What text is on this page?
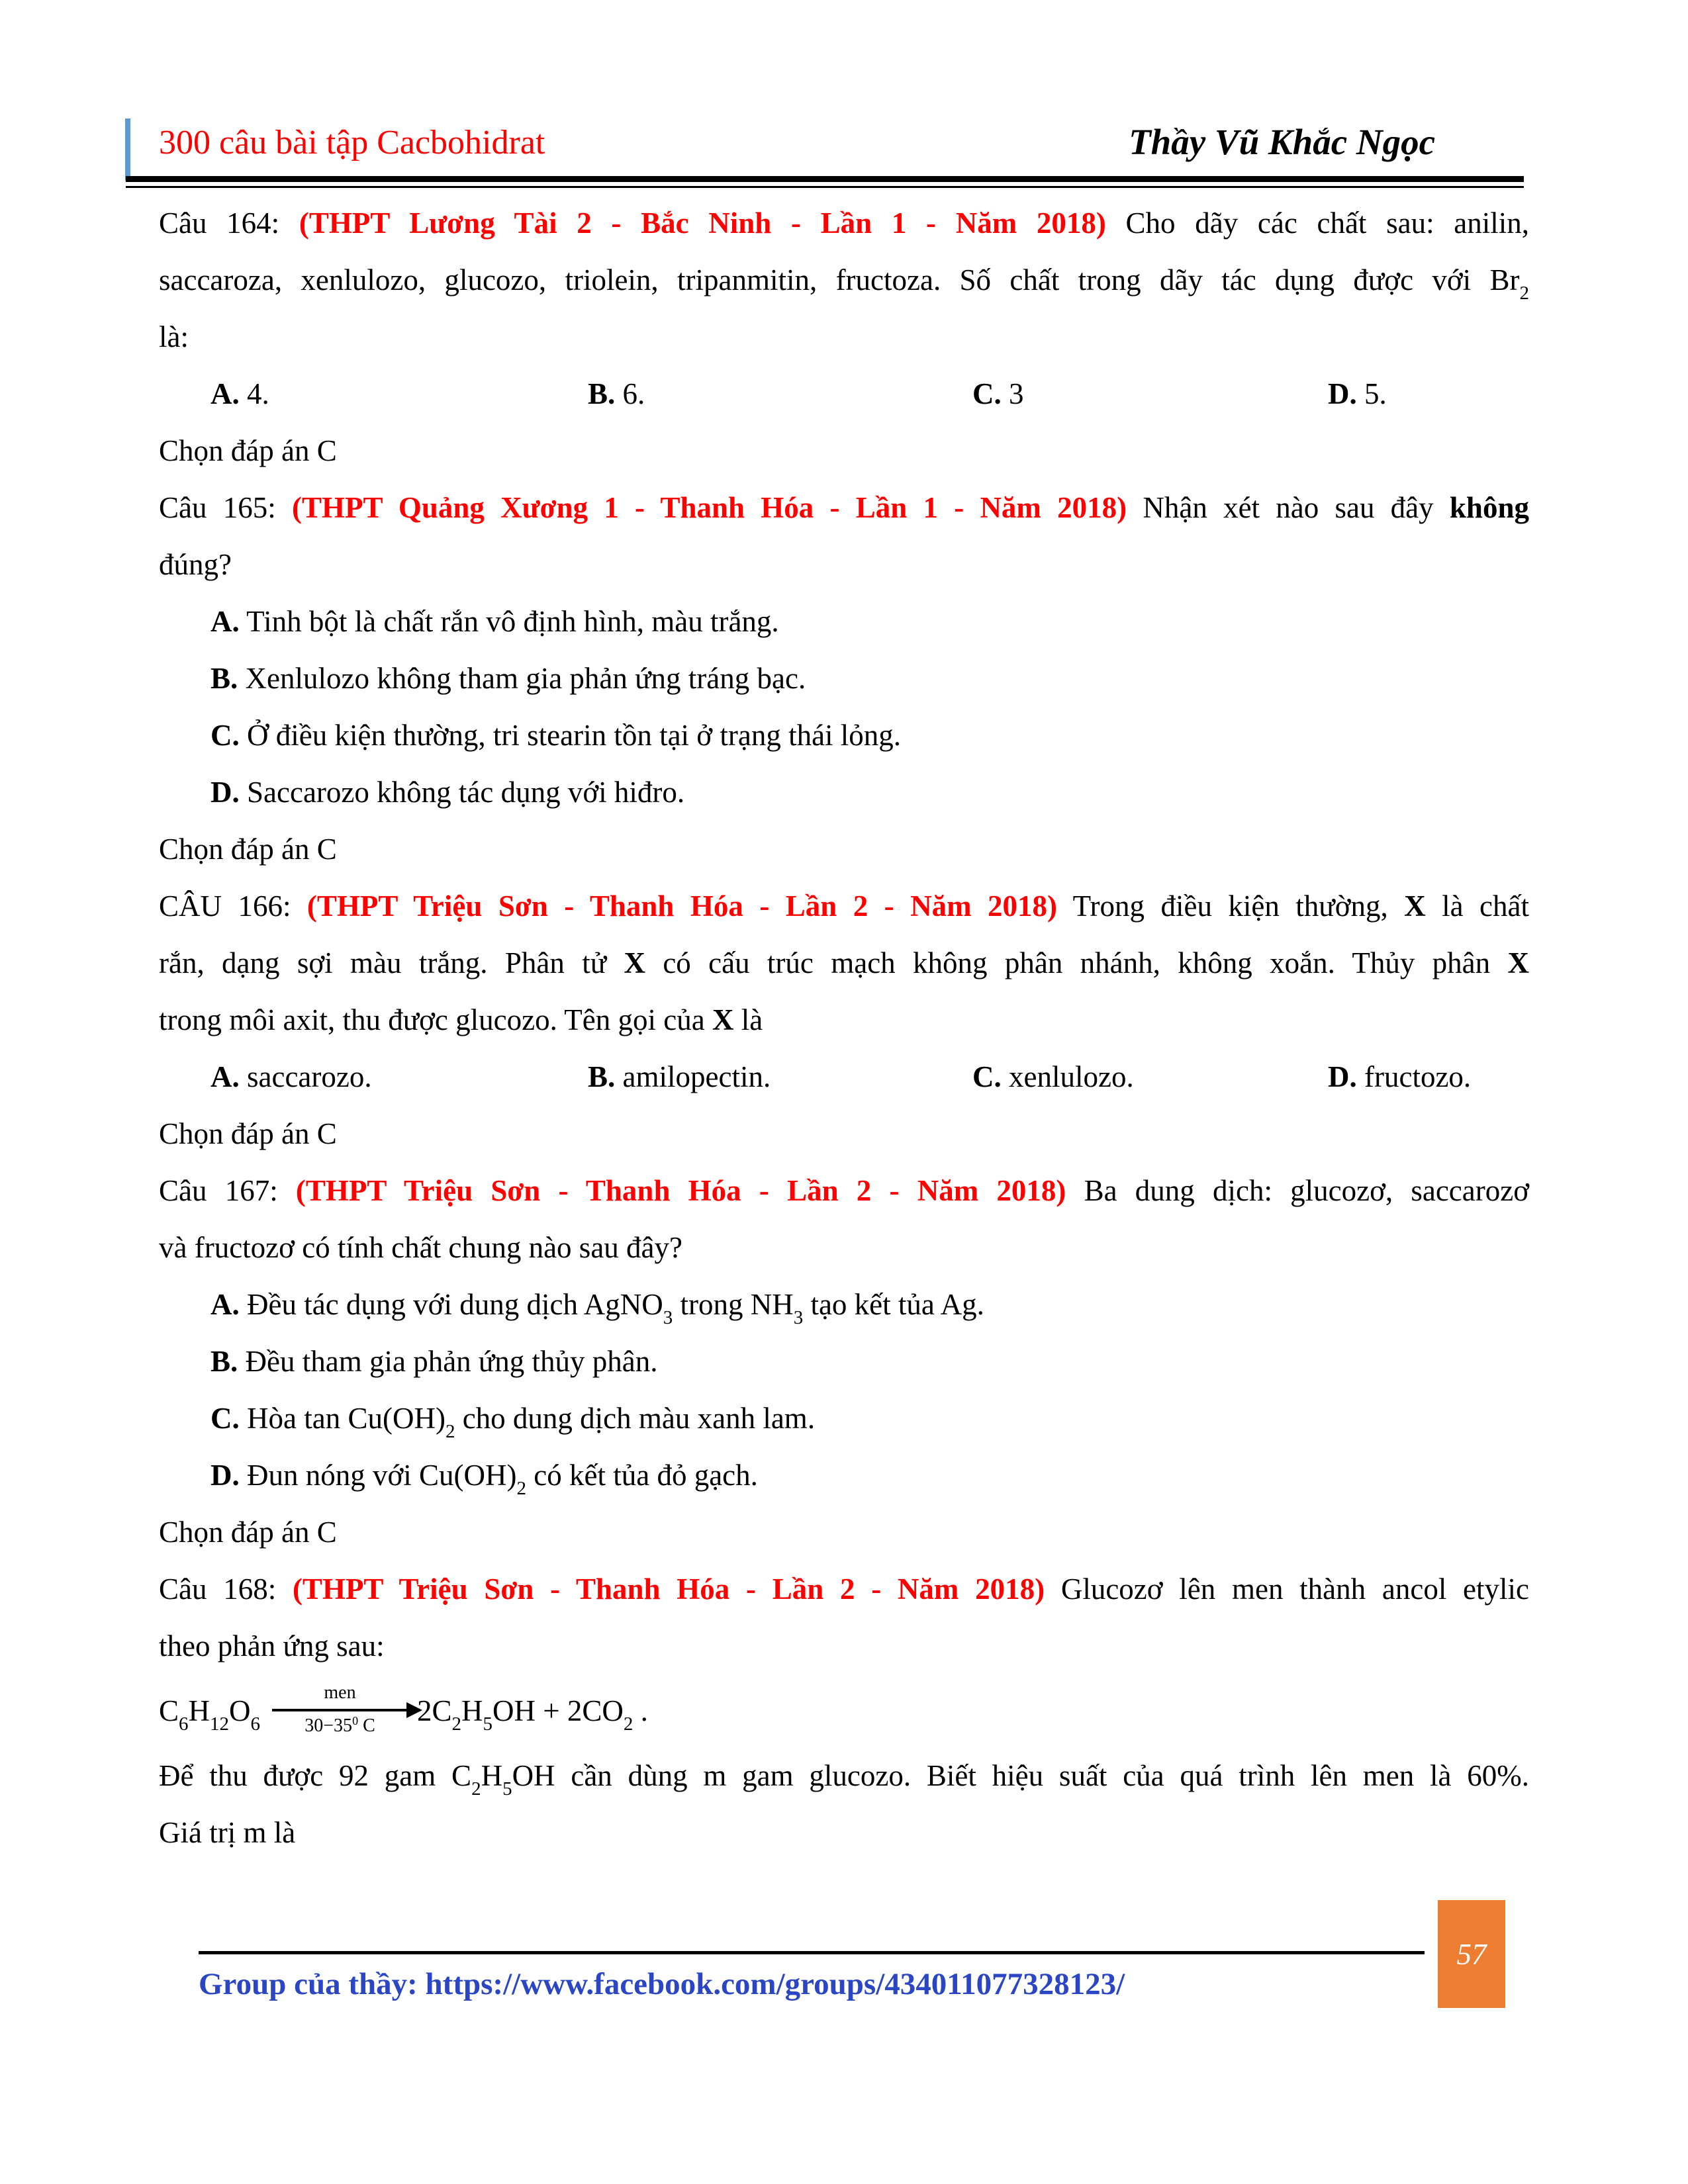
300 câu bài tập Cacbohidrat	Thầy Vũ Khắc Ngọc
Câu 164: (THPT Lương Tài 2 - Bắc Ninh - Lần 1 - Năm 2018) Cho dãy các chất sau: anilin,
saccaroza, xenlulozo, glucozo, triolein, tripanmitin, fructoza. Số chất trong dãy tác dụng được với $Br_2$
là:
A. 4.	B. 6.	C. 3	D. 5.
Chọn đáp án C
Câu 165: (THPT Quảng Xương 1 - Thanh Hóa - Lần 1 - Năm 2018) Nhận xét nào sau đây không
đúng?
A. Tinh bột là chất rắn vô định hình, màu trắng.
B. Xenlulozo không tham gia phản ứng tráng bạc.
C. Ở điều kiện thường, tri stearin tồn tại ở trạng thái lỏng.
D. Saccarozo không tác dụng với hiđro.
Chọn đáp án C
CÂU 166: (THPT Triệu Sơn - Thanh Hóa - Lần 2 - Năm 2018) Trong điều kiện thường, X là chất
rắn, dạng sợi màu trắng. Phân tử X có cấu trúc mạch không phân nhánh, không xoắn. Thủy phân X
trong môi axit, thu được glucozo. Tên gọi của X là
A. saccarozo.	B. amilopectin.	C. xenlulozo.	D. fructozo.
Chọn đáp án C
Câu 167: (THPT Triệu Sơn - Thanh Hóa - Lần 2 - Năm 2018) Ba dung dịch: glucozơ, saccarozơ
và fructozơ có tính chất chung nào sau đây?
A. Đều tác dụng với dung dịch AgNO$_3$ trong $NH_3$ tạo kết tủa Ag.
B. Đều tham gia phản ứng thủy phân.
C. Hòa $\tan Cu(OH)_2$ cho dung dịch màu xanh lam.
D. Đun nóng với $Cu(OH)_2$ có kết tủa đỏ gạch.
Chọn đáp án C
Câu 168: (THPT Triệu Sơn - Thanh Hóa - Lần 2 - Năm 2018) Glucozơ lên men thành ancol etylic
theo phản ứng sau:
$C_6H_{12}O_6$
men
$30-35^0$ C	$2C_2H_5OH + 2CO_2$ .
Để thu được 92 gam $C_2H_5OH$ cần dùng m gam glucozo. Biết hiệu suất của quá trình lên men là 60%.
Giá trị m là
Group của thầy: https://www.facebook.com/groups/434011077328123/
57
